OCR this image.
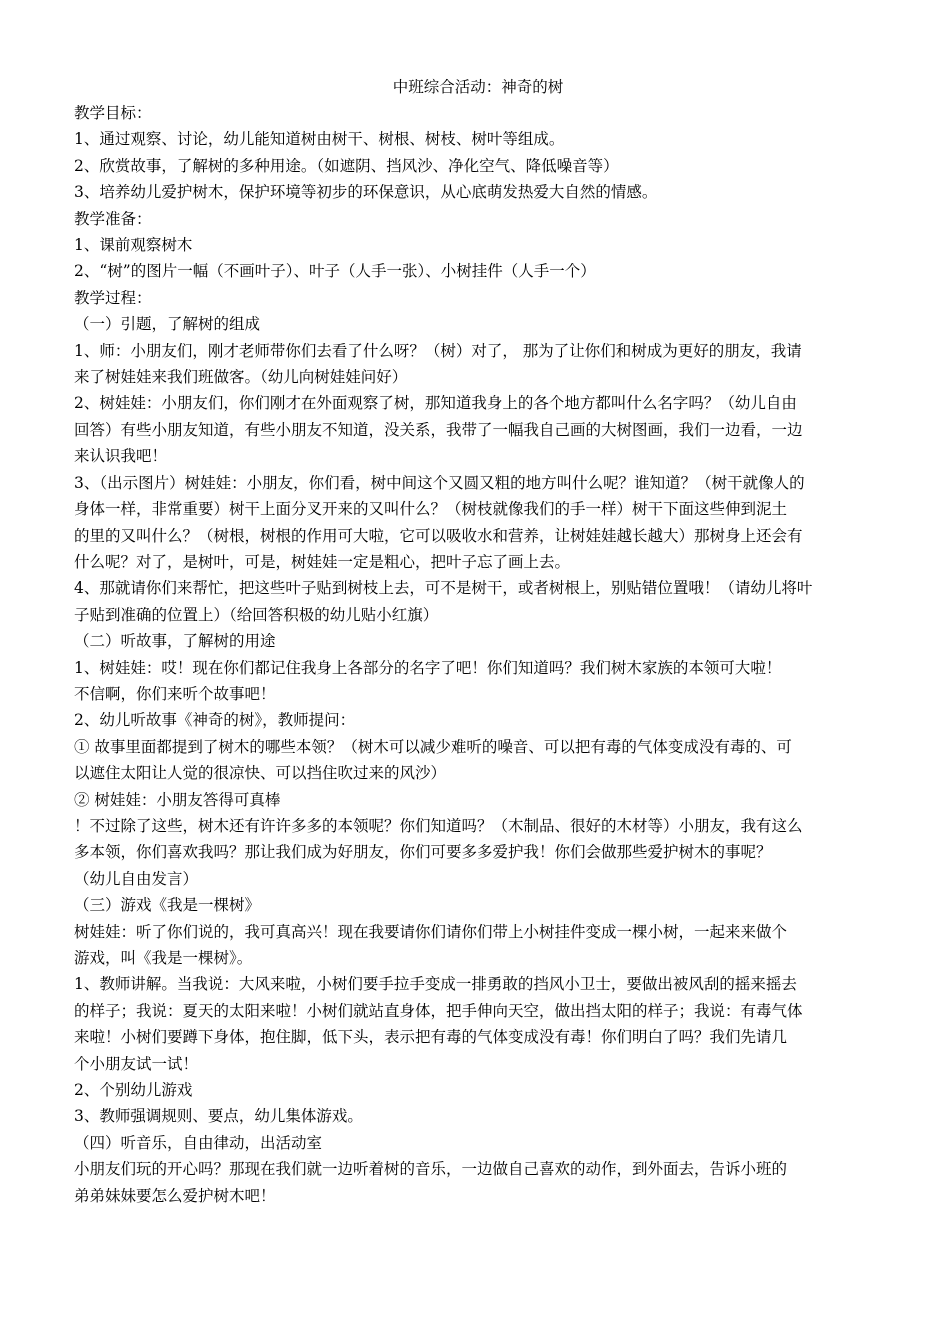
中班综合活动：神奇的树
教学目标：
1、通过观察、讨论，幼儿能知道树由树干、树根、树枝、树叶等组成。
2、欣赏故事，了解树的多种用途。（如遮阴、挡风沙、净化空气、降低噪音等）
3、培养幼儿爱护树木，保护环境等初步的环保意识，从心底萌发热爱大自然的情感。
教学准备：
1、课前观察树木
2、“树”的图片一幅（不画叶子）、叶子（人手一张）、小树挂件（人手一个）
教学过程：
（一）引题，了解树的组成
1、师：小朋友们，刚才老师带你们去看了什么呀？（树）对了， 那为了让你们和树成为更好的朋友，我请
来了树娃娃来我们班做客。（幼儿向树娃娃问好）
2、树娃娃：小朋友们，你们刚才在外面观察了树，那知道我身上的各个地方都叫什么名字吗？（幼儿自由
回答）有些小朋友知道，有些小朋友不知道，没关系，我带了一幅我自己画的大树图画，我们一边看，一边
来认识我吧！
3、（出示图片）树娃娃：小朋友，你们看，树中间这个又圆又粗的地方叫什么呢？谁知道？（树干就像人的
身体一样，非常重要）树干上面分叉开来的又叫什么？（树枝就像我们的手一样）树干下面这些伸到泥土
的里的又叫什么？（树根，树根的作用可大啦，它可以吸收水和营养，让树娃娃越长越大）那树身上还会有
什么呢？对了，是树叶，可是，树娃娃一定是粗心，把叶子忘了画上去。
4、那就请你们来帮忙，把这些叶子贴到树枝上去，可不是树干，或者树根上，别贴错位置哦！（请幼儿将叶
子贴到准确的位置上）（给回答积极的幼儿贴小红旗）
（二）听故事，了解树的用途
1、树娃娃：哎！现在你们都记住我身上各部分的名字了吧！你们知道吗？我们树木家族的本领可大啦！
不信啊，你们来听个故事吧！
2、幼儿听故事《神奇的树》，教师提问：
① 故事里面都提到了树木的哪些本领？（树木可以减少难听的噪音、可以把有毒的气体变成没有毒的、可
以遮住太阳让人觉的很凉快、可以挡住吹过来的风沙）
② 树娃娃：小朋友答得可真棒
！不过除了这些，树木还有许许多多的本领呢？你们知道吗？（木制品、很好的木材等）小朋友，我有这么
多本领，你们喜欢我吗？那让我们成为好朋友，你们可要多多爱护我！你们会做那些爱护树木的事呢？
（幼儿自由发言）
（三）游戏《我是一棵树》
树娃娃：听了你们说的，我可真高兴！现在我要请你们请你们带上小树挂件变成一棵小树，一起来来做个
游戏，叫《我是一棵树》。
1、教师讲解。当我说：大风来啦，小树们要手拉手变成一排勇敢的挡风小卫士，要做出被风刮的摇来摇去
的样子；我说：夏天的太阳来啦！小树们就站直身体，把手伸向天空，做出挡太阳的样子；我说：有毒气体
来啦！小树们要蹲下身体，抱住脚，低下头，表示把有毒的气体变成没有毒！你们明白了吗？我们先请几
个小朋友试一试！
2、个别幼儿游戏
3、教师强调规则、要点，幼儿集体游戏。
（四）听音乐，自由律动，出活动室
小朋友们玩的开心吗？那现在我们就一边听着树的音乐，一边做自己喜欢的动作，到外面去，告诉小班的
弟弟妹妹要怎么爱护树木吧！
